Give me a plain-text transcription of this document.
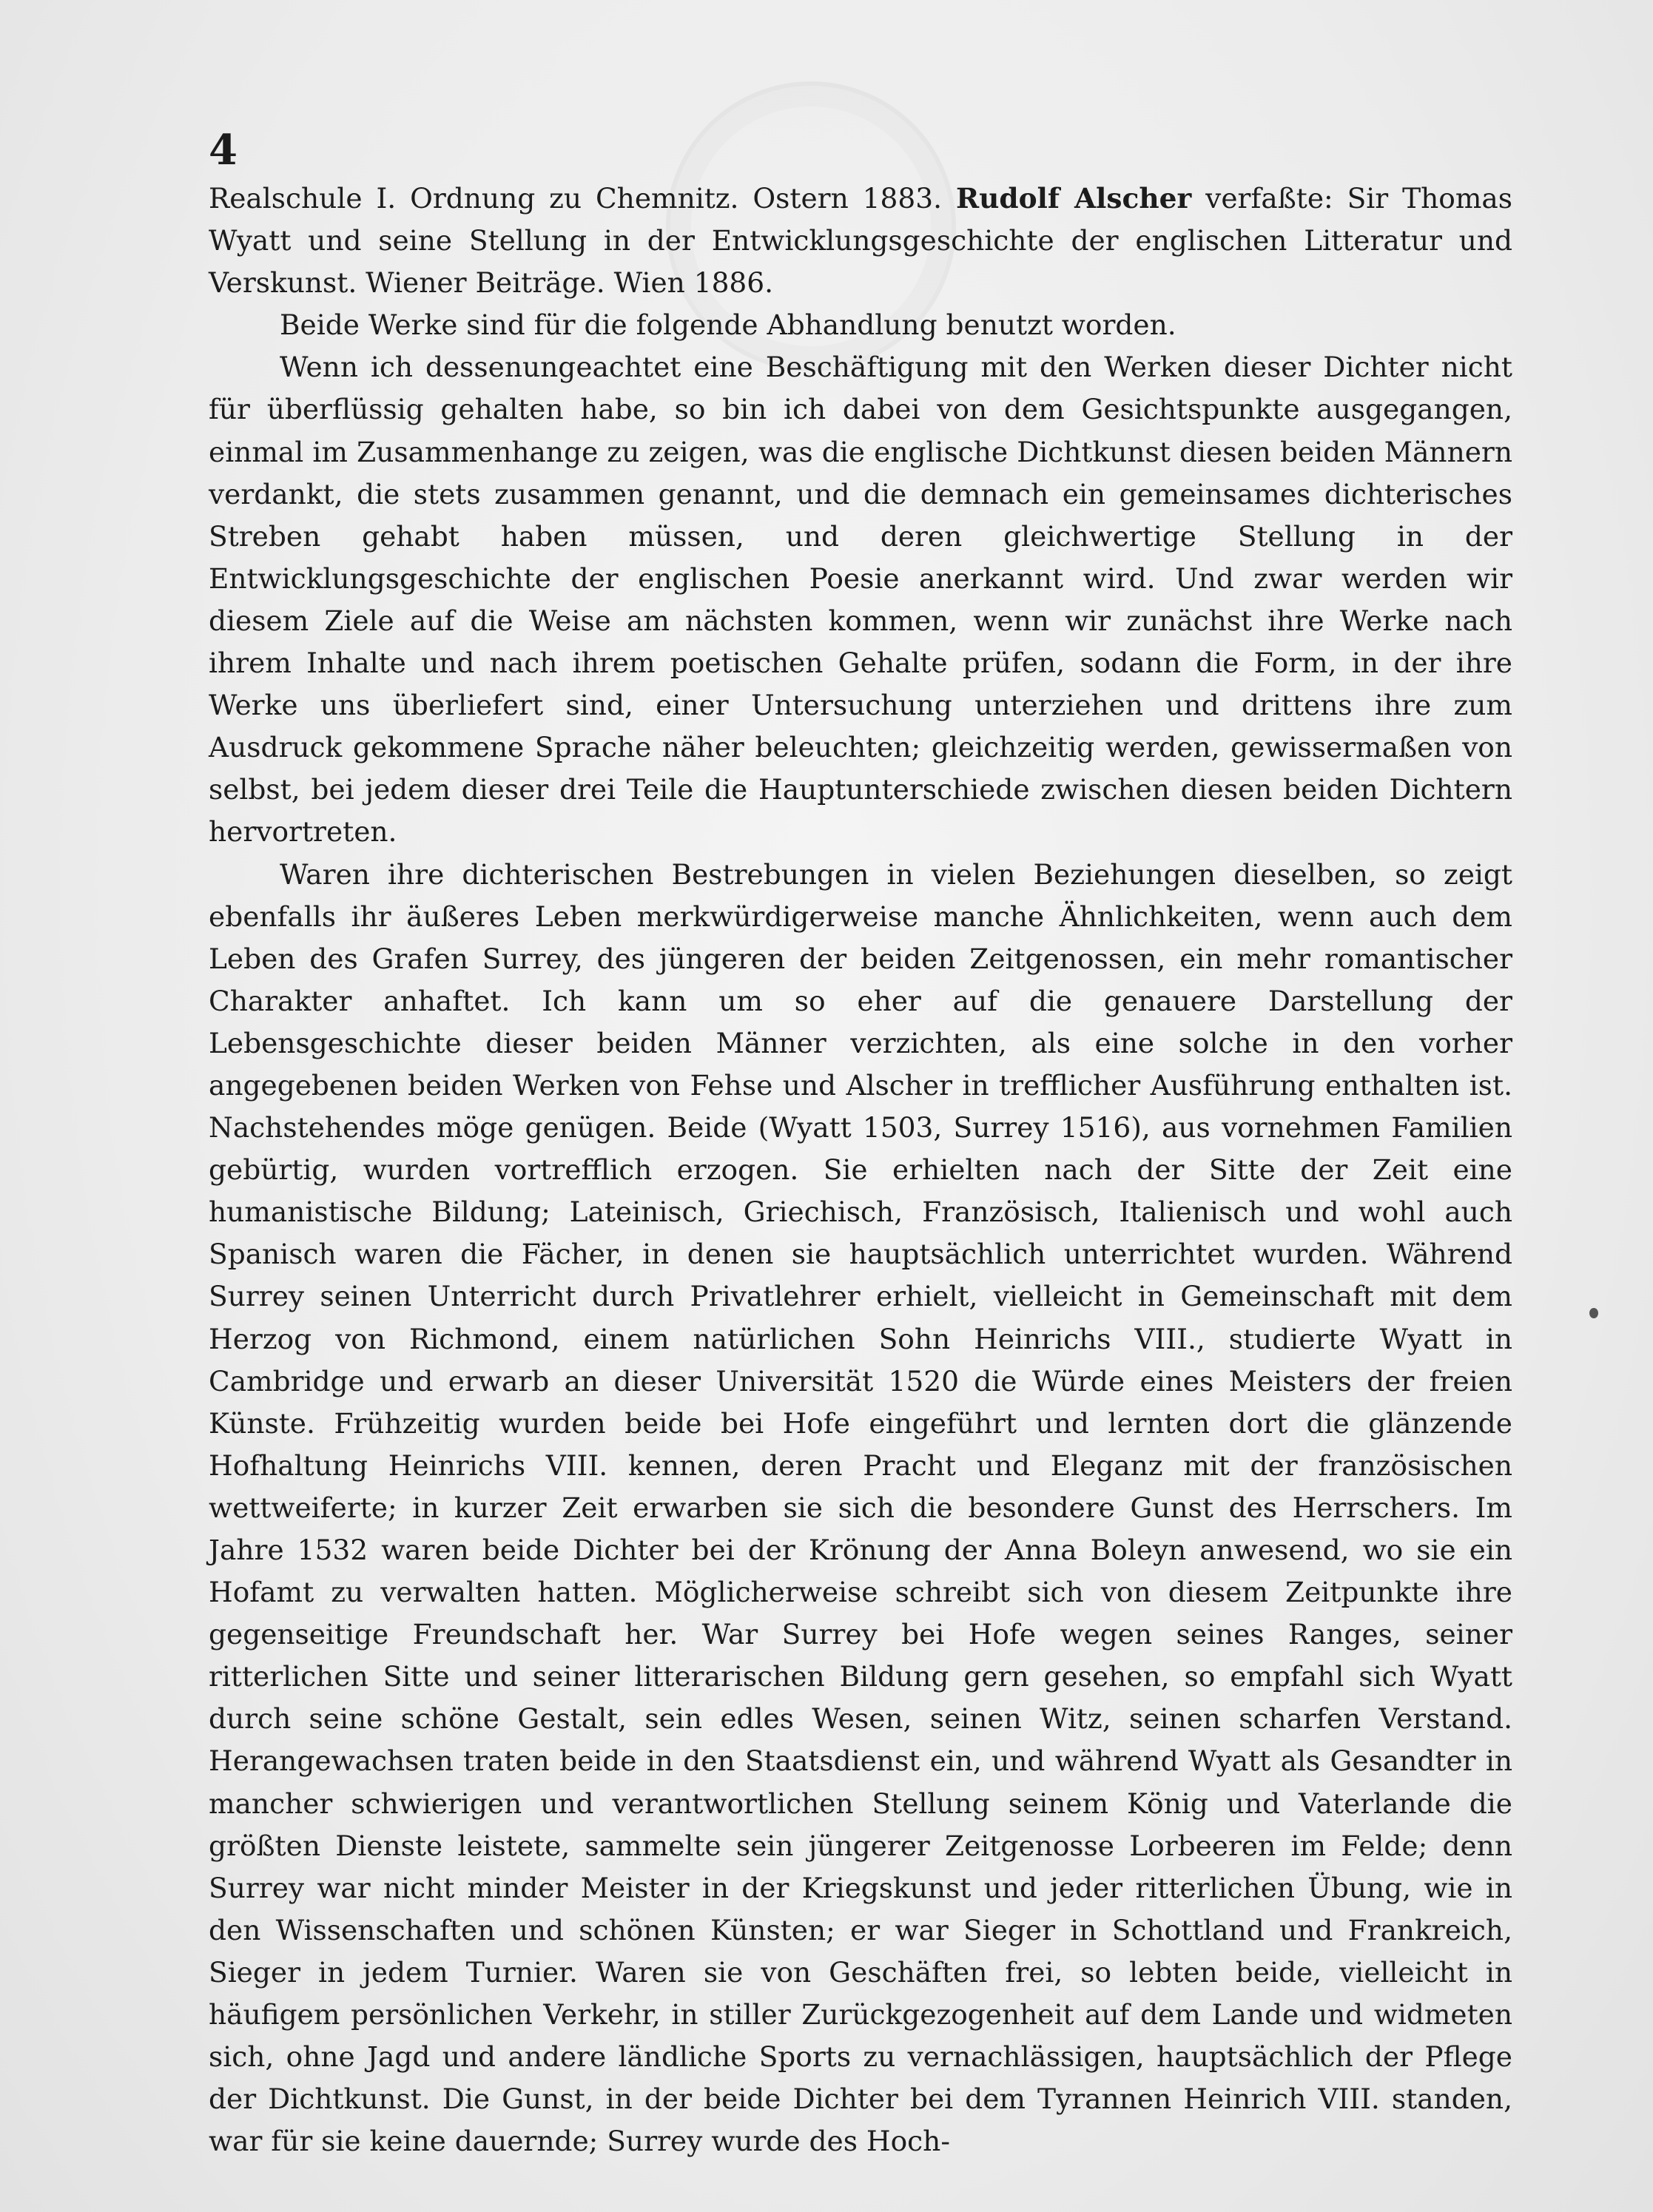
4

Realschule I. Ordnung zu Chemnitz. Ostern 1883. Rudolf Alscher verfaßte: Sir Thomas Wyatt und seine Stellung in der Entwicklungsgeschichte der englischen Litteratur und Verskunst. Wiener Beiträge. Wien 1886.

Beide Werke sind für die folgende Abhandlung benutzt worden.

Wenn ich dessenungeachtet eine Beschäftigung mit den Werken dieser Dichter nicht für überflüssig gehalten habe, so bin ich dabei von dem Gesichtspunkte ausgegangen, einmal im Zusammenhange zu zeigen, was die englische Dichtkunst diesen beiden Männern verdankt, die stets zusammen genannt, und die demnach ein gemeinsames dichterisches Streben gehabt haben müssen, und deren gleichwertige Stellung in der Entwicklungsgeschichte der englischen Poesie anerkannt wird. Und zwar werden wir diesem Ziele auf die Weise am nächsten kommen, wenn wir zunächst ihre Werke nach ihrem Inhalte und nach ihrem poetischen Gehalte prüfen, sodann die Form, in der ihre Werke uns überliefert sind, einer Untersuchung unterziehen und drittens ihre zum Ausdruck gekommene Sprache näher beleuchten; gleichzeitig werden, gewissermaßen von selbst, bei jedem dieser drei Teile die Hauptunterschiede zwischen diesen beiden Dichtern hervortreten.

Waren ihre dichterischen Bestrebungen in vielen Beziehungen dieselben, so zeigt ebenfalls ihr äußeres Leben merkwürdigerweise manche Ähnlichkeiten, wenn auch dem Leben des Grafen Surrey, des jüngeren der beiden Zeitgenossen, ein mehr romantischer Charakter anhaftet. Ich kann um so eher auf die genauere Darstellung der Lebensgeschichte dieser beiden Männer verzichten, als eine solche in den vorher angegebenen beiden Werken von Fehse und Alscher in trefflicher Ausführung enthalten ist. Nachstehendes möge genügen. Beide (Wyatt 1503, Surrey 1516), aus vornehmen Familien gebürtig, wurden vortrefflich erzogen. Sie erhielten nach der Sitte der Zeit eine humanistische Bildung; Lateinisch, Griechisch, Französisch, Italienisch und wohl auch Spanisch waren die Fächer, in denen sie hauptsächlich unterrichtet wurden. Während Surrey seinen Unterricht durch Privatlehrer erhielt, vielleicht in Gemeinschaft mit dem Herzog von Richmond, einem natürlichen Sohn Heinrichs VIII., studierte Wyatt in Cambridge und erwarb an dieser Universität 1520 die Würde eines Meisters der freien Künste. Frühzeitig wurden beide bei Hofe eingeführt und lernten dort die glänzende Hofhaltung Heinrichs VIII. kennen, deren Pracht und Eleganz mit der französischen wettweiferte; in kurzer Zeit erwarben sie sich die besondere Gunst des Herrschers. Im Jahre 1532 waren beide Dichter bei der Krönung der Anna Boleyn anwesend, wo sie ein Hofamt zu verwalten hatten. Möglicherweise schreibt sich von diesem Zeitpunkte ihre gegenseitige Freundschaft her. War Surrey bei Hofe wegen seines Ranges, seiner ritterlichen Sitte und seiner litterarischen Bildung gern gesehen, so empfahl sich Wyatt durch seine schöne Gestalt, sein edles Wesen, seinen Witz, seinen scharfen Verstand. Herangewachsen traten beide in den Staatsdienst ein, und während Wyatt als Gesandter in mancher schwierigen und verantwortlichen Stellung seinem König und Vaterlande die größten Dienste leistete, sammelte sein jüngerer Zeitgenosse Lorbeeren im Felde; denn Surrey war nicht minder Meister in der Kriegskunst und jeder ritterlichen Übung, wie in den Wissenschaften und schönen Künsten; er war Sieger in Schottland und Frankreich, Sieger in jedem Turnier. Waren sie von Geschäften frei, so lebten beide, vielleicht in häufigem persönlichen Verkehr, in stiller Zurückgezogenheit auf dem Lande und widmeten sich, ohne Jagd und andere ländliche Sports zu vernachlässigen, hauptsächlich der Pflege der Dichtkunst. Die Gunst, in der beide Dichter bei dem Tyrannen Heinrich VIII. standen, war für sie keine dauernde; Surrey wurde des Hoch-
